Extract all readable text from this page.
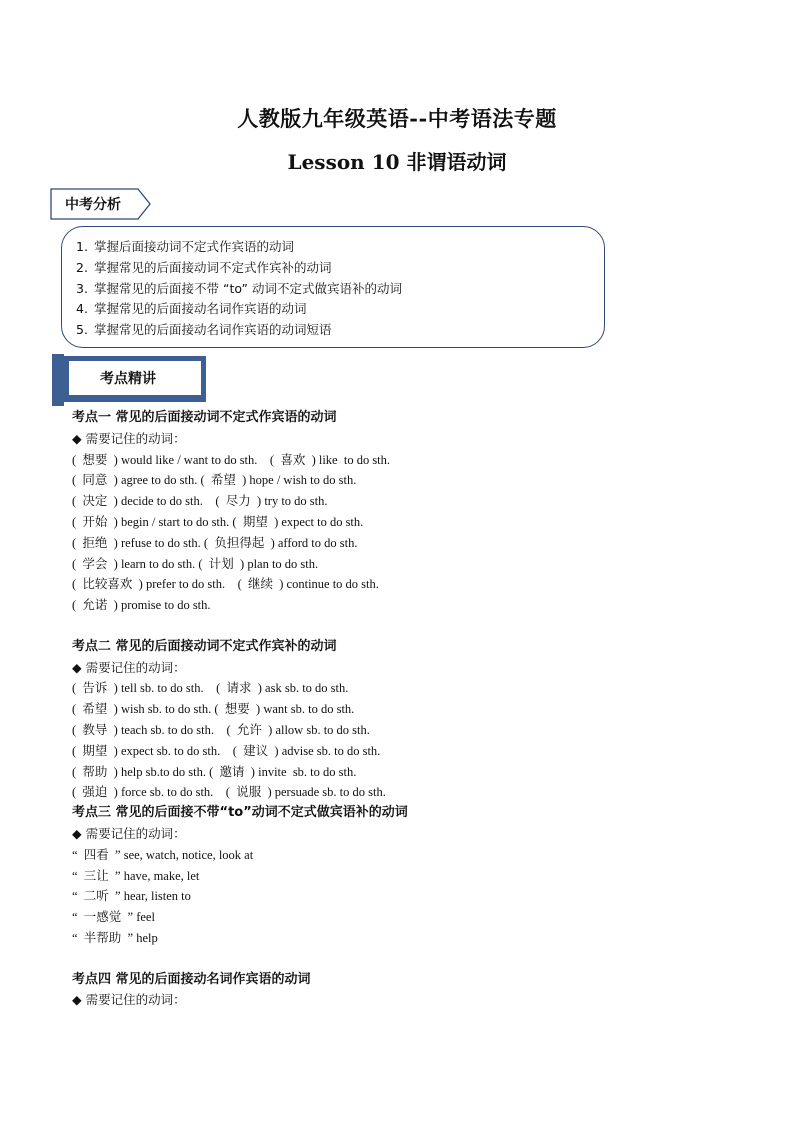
人教版九年级英语--中考语法专题
Lesson 10 非谓语动词
中考分析
1. 掌握后面接动词不定式作宾语的动词
2. 掌握常见的后面接动词不定式作宾补的动词
3. 掌握常见的后面接不带 “to” 动词不定式做宾语补的动词
4. 掌握常见的后面接动名词作宾语的动词
5. 掌握常见的后面接动名词作宾语的动词短语
考点精讲
考点一 常见的后面接动词不定式作宾语的动词
◆ 需要记住的动词：
(  想要  ) would like / want to do sth.    (  喜欢  ) like  to do sth.
(  同意  ) agree to do sth. (  希望  ) hope / wish to do sth.
(  决定  ) decide to do sth.    (  尽力  ) try to do sth.
(  开始  ) begin / start to do sth. (  期望  ) expect to do sth.
(  拒绝  ) refuse to do sth. (  负担得起  ) afford to do sth.
(  学会  ) learn to do sth. (  计划  ) plan to do sth.
(  比较喜欢  ) prefer to do sth.    (  继续  ) continue to do sth.
(  允诺  ) promise to do sth.
考点二 常见的后面接动词不定式作宾补的动词
◆ 需要记住的动词：
(  告诉  ) tell sb. to do sth.    (  请求  ) ask sb. to do sth.
(  希望  ) wish sb. to do sth. (  想要  ) want sb. to do sth.
(  教导  ) teach sb. to do sth.    (  允许  ) allow sb. to do sth.
(  期望  ) expect sb. to do sth.    (  建议  ) advise sb. to do sth.
(  帮助  ) help sb.to do sth. (  邀请  ) invite  sb. to do sth.
(  强迫  ) force sb. to do sth.    (  说服  ) persuade sb. to do sth.
考点三 常见的后面接不带“to”动词不定式做宾语补的动词
◆ 需要记住的动词：
“  四看  ” see, watch, notice, look at
“  三让  ” have, make, let
“  二听  ” hear, listen to
“  一感觉  ” feel
“  半帮助  ” help
考点四 常见的后面接动名词作宾语的动词
◆ 需要记住的动词：
